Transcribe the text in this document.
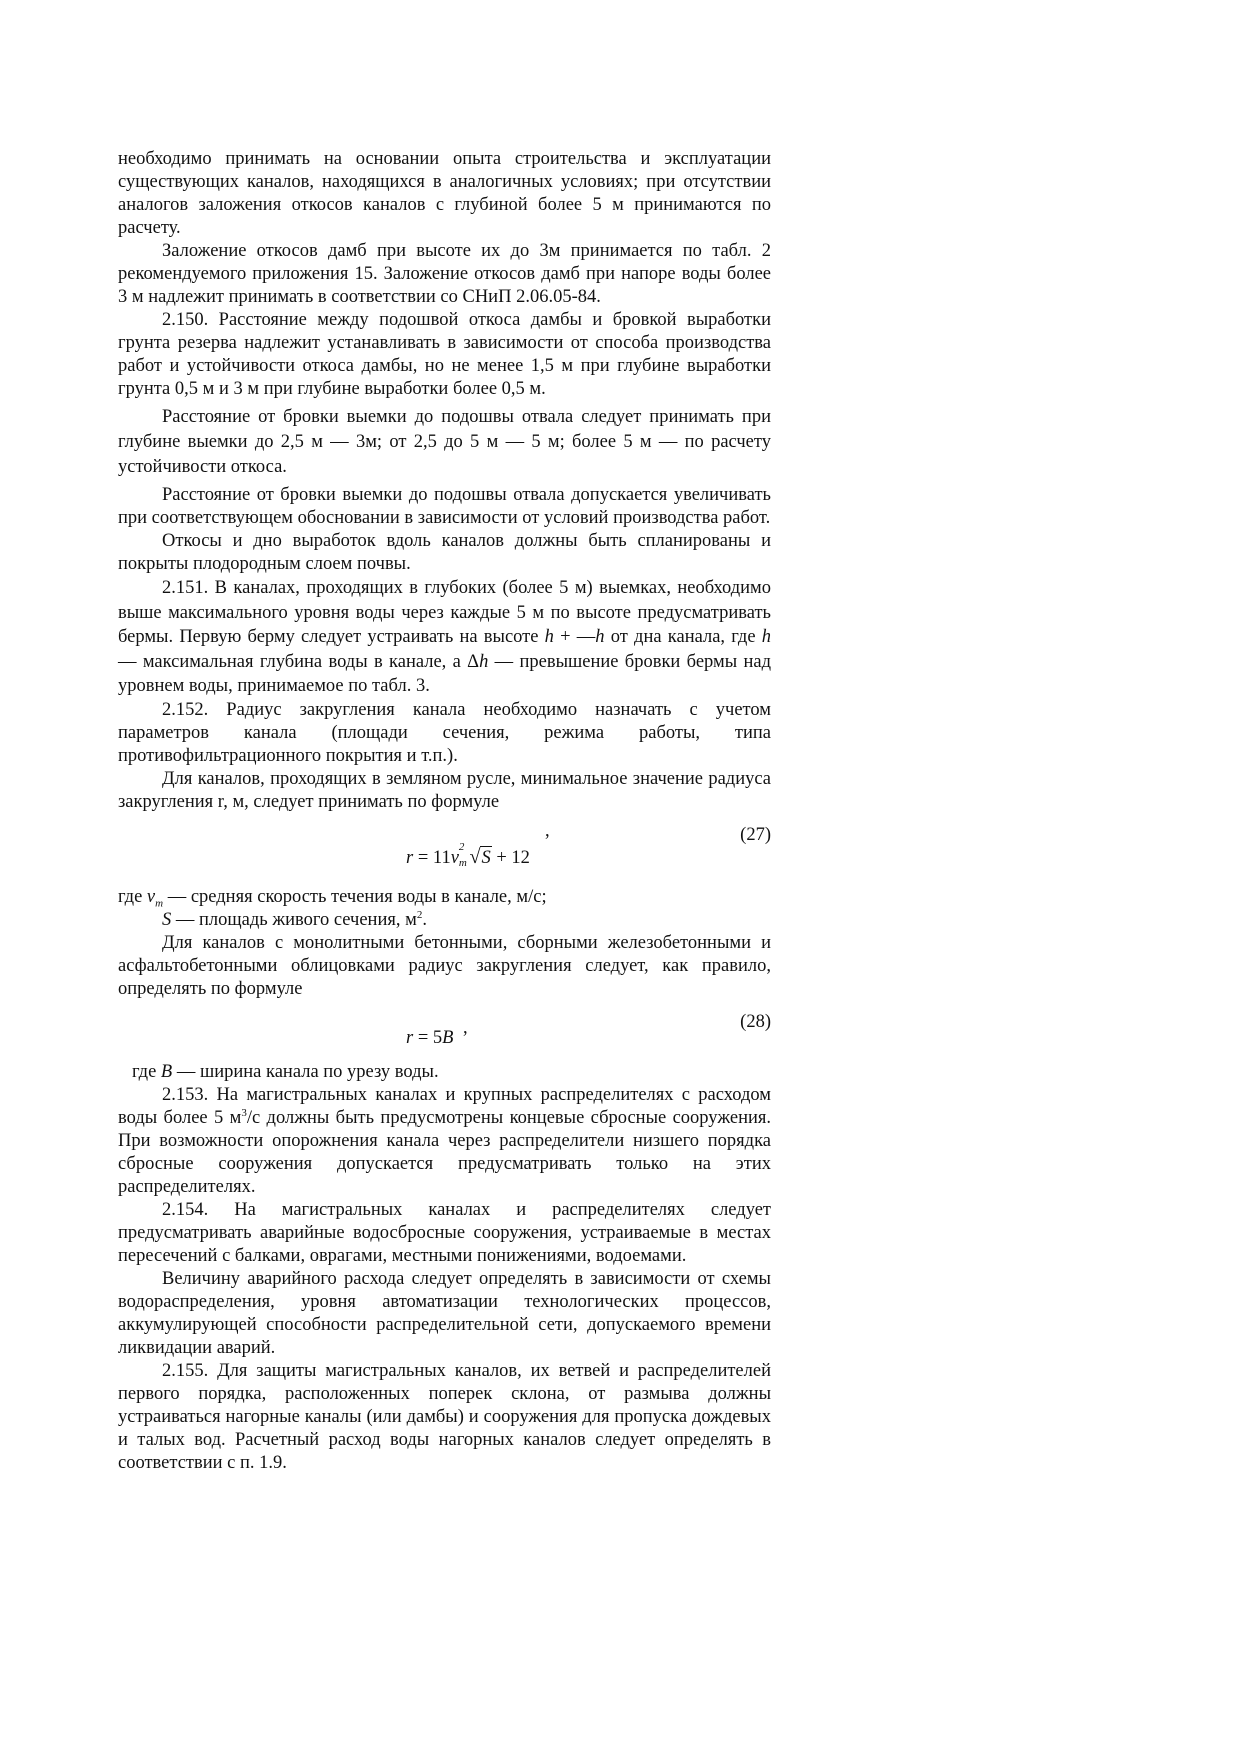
необходимо принимать на основании опыта строительства и эксплуатации существующих каналов, находящихся в аналогичных условиях; при отсутствии аналогов заложения откосов каналов с глубиной более 5 м принимаются по расчету.

Заложение откосов дамб при высоте их до 3м принимается по табл. 2 рекомендуемого приложения 15. Заложение откосов дамб при напоре воды более 3 м надлежит принимать в соответствии со СНиП 2.06.05-84.

2.150. Расстояние между подошвой откоса дамбы и бровкой выработки грунта резерва надлежит устанавливать в зависимости от способа производства работ и устойчивости откоса дамбы, но не менее 1,5 м при глубине выработки грунта 0,5 м и 3 м при глубине выработки более 0,5 м.

Расстояние от бровки выемки до подошвы отвала следует принимать при глубине выемки до 2,5 м — 3м; от 2,5 до 5 м — 5 м; более 5 м — по расчету устойчивости откоса.

Расстояние от бровки выемки до подошвы отвала допускается увеличивать при соответствующем обосновании в зависимости от условий производства работ.

Откосы и дно выработок вдоль каналов должны быть спланированы и покрыты плодородным слоем почвы.

2.151. В каналах, проходящих в глубоких (более 5 м) выемках, необходимо выше максимального уровня воды через каждые 5 м по высоте предусматривать бермы. Первую берму следует устраивать на высоте h + —h от дна канала, где h — максимальная глубина воды в канале, а Δh — превышение бровки бермы над уровнем воды, принимаемое по табл. 3.

2.152. Радиус закругления канала необходимо назначать с учетом параметров канала (площади сечения, режима работы, типа противофильтрационного покрытия и т.п.).

Для каналов, проходящих в земляном русле, минимальное значение радиуса закругления r, м, следует принимать по формуле

,
r = 11v
2
m
  √S + 12
(27)

где $v_m$ — средняя скорость течения воды в канале, м/с;

S — площадь живого сечения, $м^2$.

Для каналов с монолитными бетонными, сборными железобетонными и асфальтобетонными облицовками радиус закругления следует, как правило, определять по формуле

,
r = 5B
(28)

где B — ширина канала по урезу воды.

2.153. На магистральных каналах и крупных распределителях с расходом воды более 5 $м^3/с$ должны быть предусмотрены концевые сбросные сооружения. При возможности опорожнения канала через распределители низшего порядка сбросные сооружения допускается предусматривать только на этих распределителях.

2.154. На магистральных каналах и распределителях следует предусматривать аварийные водосбросные сооружения, устраиваемые в местах пересечений с балками, оврагами, местными понижениями, водоемами.

Величину аварийного расхода следует определять в зависимости от схемы водораспределения, уровня автоматизации технологических процессов, аккумулирующей способности распределительной сети, допускаемого времени ликвидации аварий.

2.155. Для защиты магистральных каналов, их ветвей и распределителей первого порядка, расположенных поперек склона, от размыва должны устраиваться нагорные каналы (или дамбы) и сооружения для пропуска дождевых и талых вод. Расчетный расход воды нагорных каналов следует определять в соответствии с п. 1.9.
